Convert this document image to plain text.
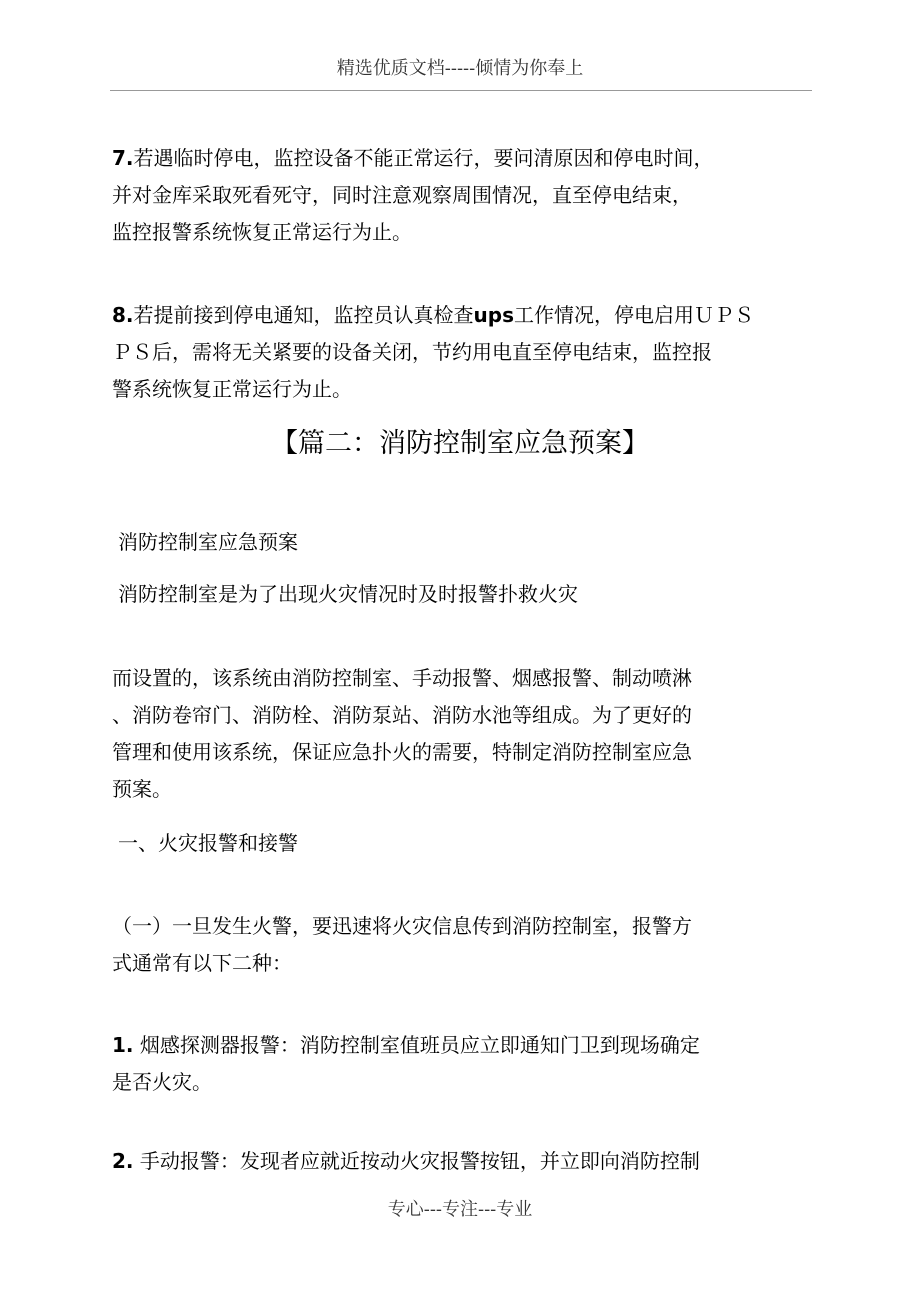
精选优质文档-----倾情为你奉上
7.若遇临时停电，监控设备不能正常运行，要问清原因和停电时间，
并对金库采取死看死守，同时注意观察周围情况，直至停电结束，
监控报警系统恢复正常运行为止。
8.若提前接到停电通知，监控员认真检查ups工作情况，停电启用ＵＰＳ
ＰＳ后，需将无关紧要的设备关闭，节约用电直至停电结束，监控报
警系统恢复正常运行为止。
【篇二：消防控制室应急预案】
消防控制室应急预案
消防控制室是为了出现火灾情况时及时报警扑救火灾
而设置的，该系统由消防控制室、手动报警、烟感报警、制动喷淋
、消防卷帘门、消防栓、消防泵站、消防水池等组成。为了更好的
管理和使用该系统，保证应急扑火的需要，特制定消防控制室应急
预案。
一、火灾报警和接警
（一）一旦发生火警，要迅速将火灾信息传到消防控制室，报警方
式通常有以下二种：
1. 烟感探测器报警：消防控制室值班员应立即通知门卫到现场确定
是否火灾。
2. 手动报警：发现者应就近按动火灾报警按钮，并立即向消防控制
专心---专注---专业
